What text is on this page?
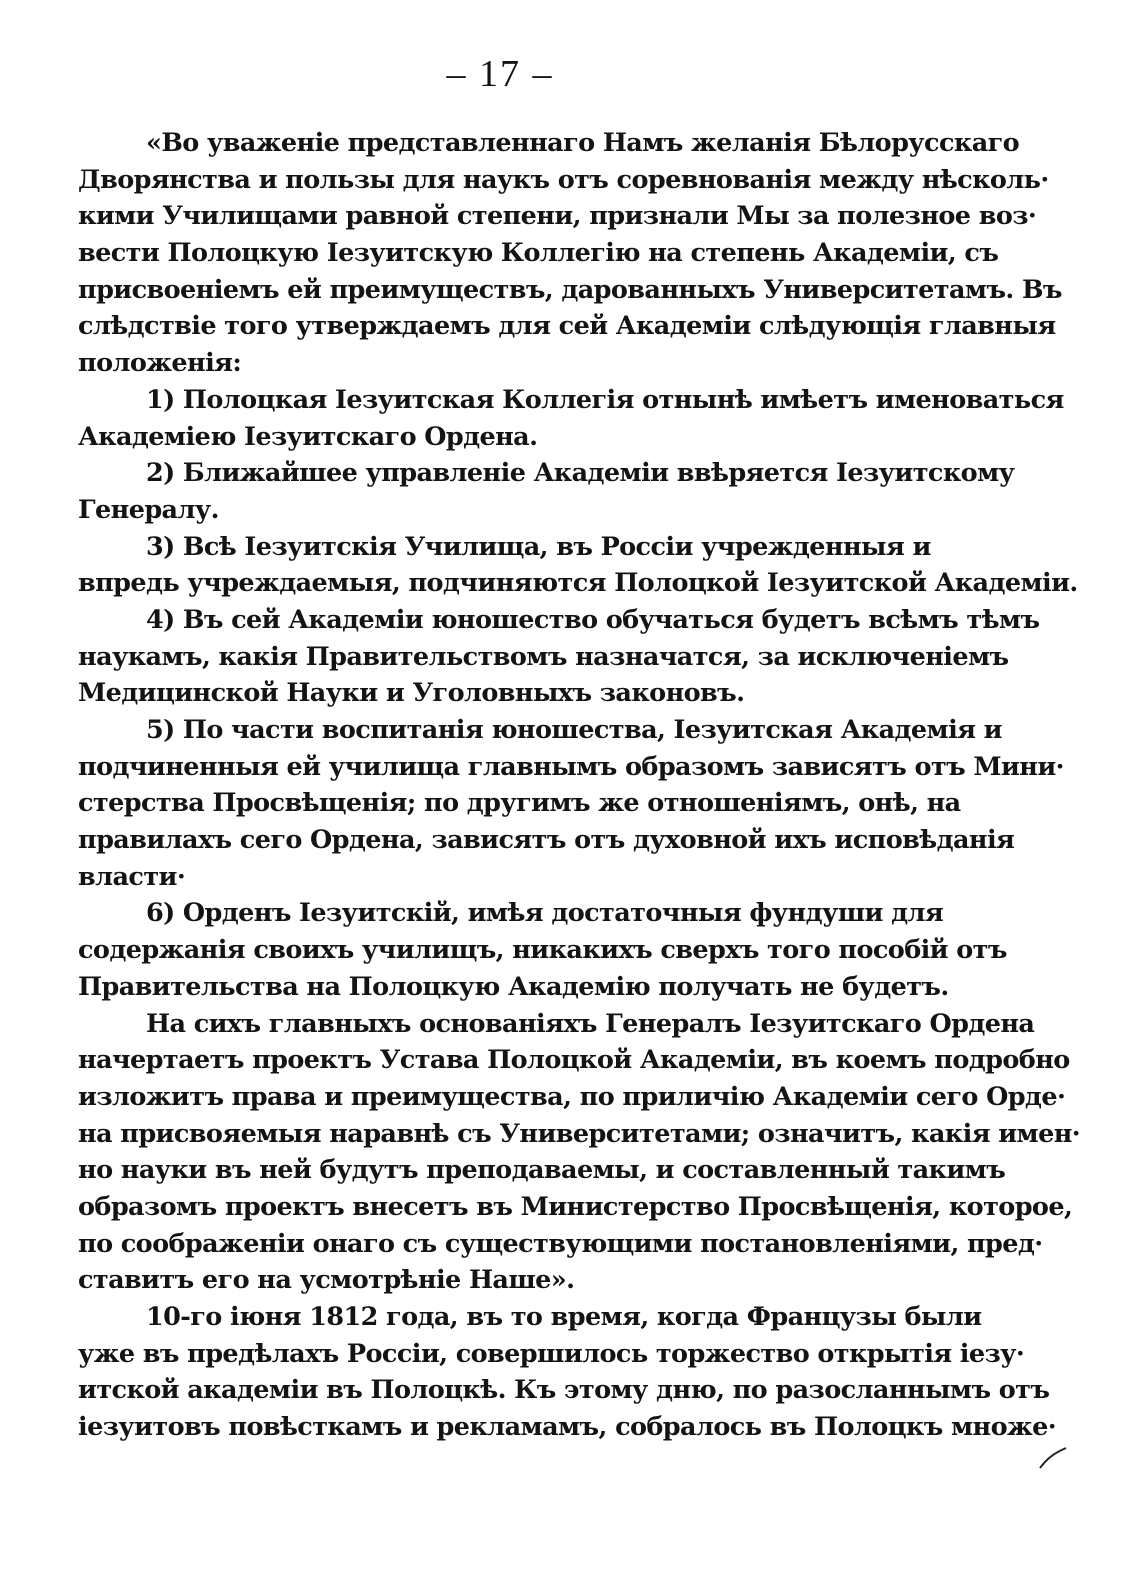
– 17 –
«Во уваженіе представленнаго Намъ желанія Бѣлорусскаго
Дворянства и пользы для наукъ отъ соревнованія между нѣсколь·
кими Училищами равной степени, признали Мы за полезное воз·
вести Полоцкую Іезуитскую Коллегію на степень Академіи, съ
присвоеніемъ ей преимуществъ, дарованныхъ Университетамъ. Въ
слѣдствіе того утверждаемъ для сей Академіи слѣдующія главныя
положенія:
1) Полоцкая Іезуитская Коллегія отнынѣ имѣетъ именоваться
Академіею Іезуитскаго Ордена.
2) Ближайшее управленіе Академіи ввѣряется Іезуитскому
Генералу.
3) Всѣ Іезуитскія Училища, въ Россіи учрежденныя и
впредь учреждаемыя, подчиняются Полоцкой Іезуитской Академіи.
4) Въ сей Академіи юношество обучаться будетъ всѣмъ тѣмъ
наукамъ, какія Правительствомъ назначатся, за исключеніемъ
Медицинской Науки и Уголовныхъ законовъ.
5) По части воспитанія юношества, Іезуитская Академія и
подчиненныя ей училища главнымъ образомъ зависятъ отъ Мини·
стерства Просвѣщенія; по другимъ же отношеніямъ, онѣ, на
правилахъ сего Ордена, зависятъ отъ духовной ихъ исповѣданія
власти·
6) Орденъ Іезуитскій, имѣя достаточныя фундуши для
содержанія своихъ училищъ, никакихъ сверхъ того пособій отъ
Правительства на Полоцкую Академію получать не будетъ.
На сихъ главныхъ основаніяхъ Генералъ Іезуитскаго Ордена
начертаетъ проектъ Устава Полоцкой Академіи, въ коемъ подробно
изложитъ права и преимущества, по приличію Академіи сего Орде·
на присвояемыя наравнѣ съ Университетами; означитъ, какія имен·
но науки въ ней будутъ преподаваемы, и составленный такимъ
образомъ проектъ внесетъ въ Министерство Просвѣщенія, которое,
по соображеніи онаго съ существующими постановленіями, пред·
ставитъ его на усмотрѣніе Наше».
10-го іюня 1812 года, въ то время, когда Французы были
уже въ предѣлахъ Россіи, совершилось торжество открытія іезу·
итской академіи въ Полоцкѣ. Къ этому дню, по разосланнымъ отъ
іезуитовъ повѣсткамъ и рекламамъ, собралось въ Полоцкъ множе·
